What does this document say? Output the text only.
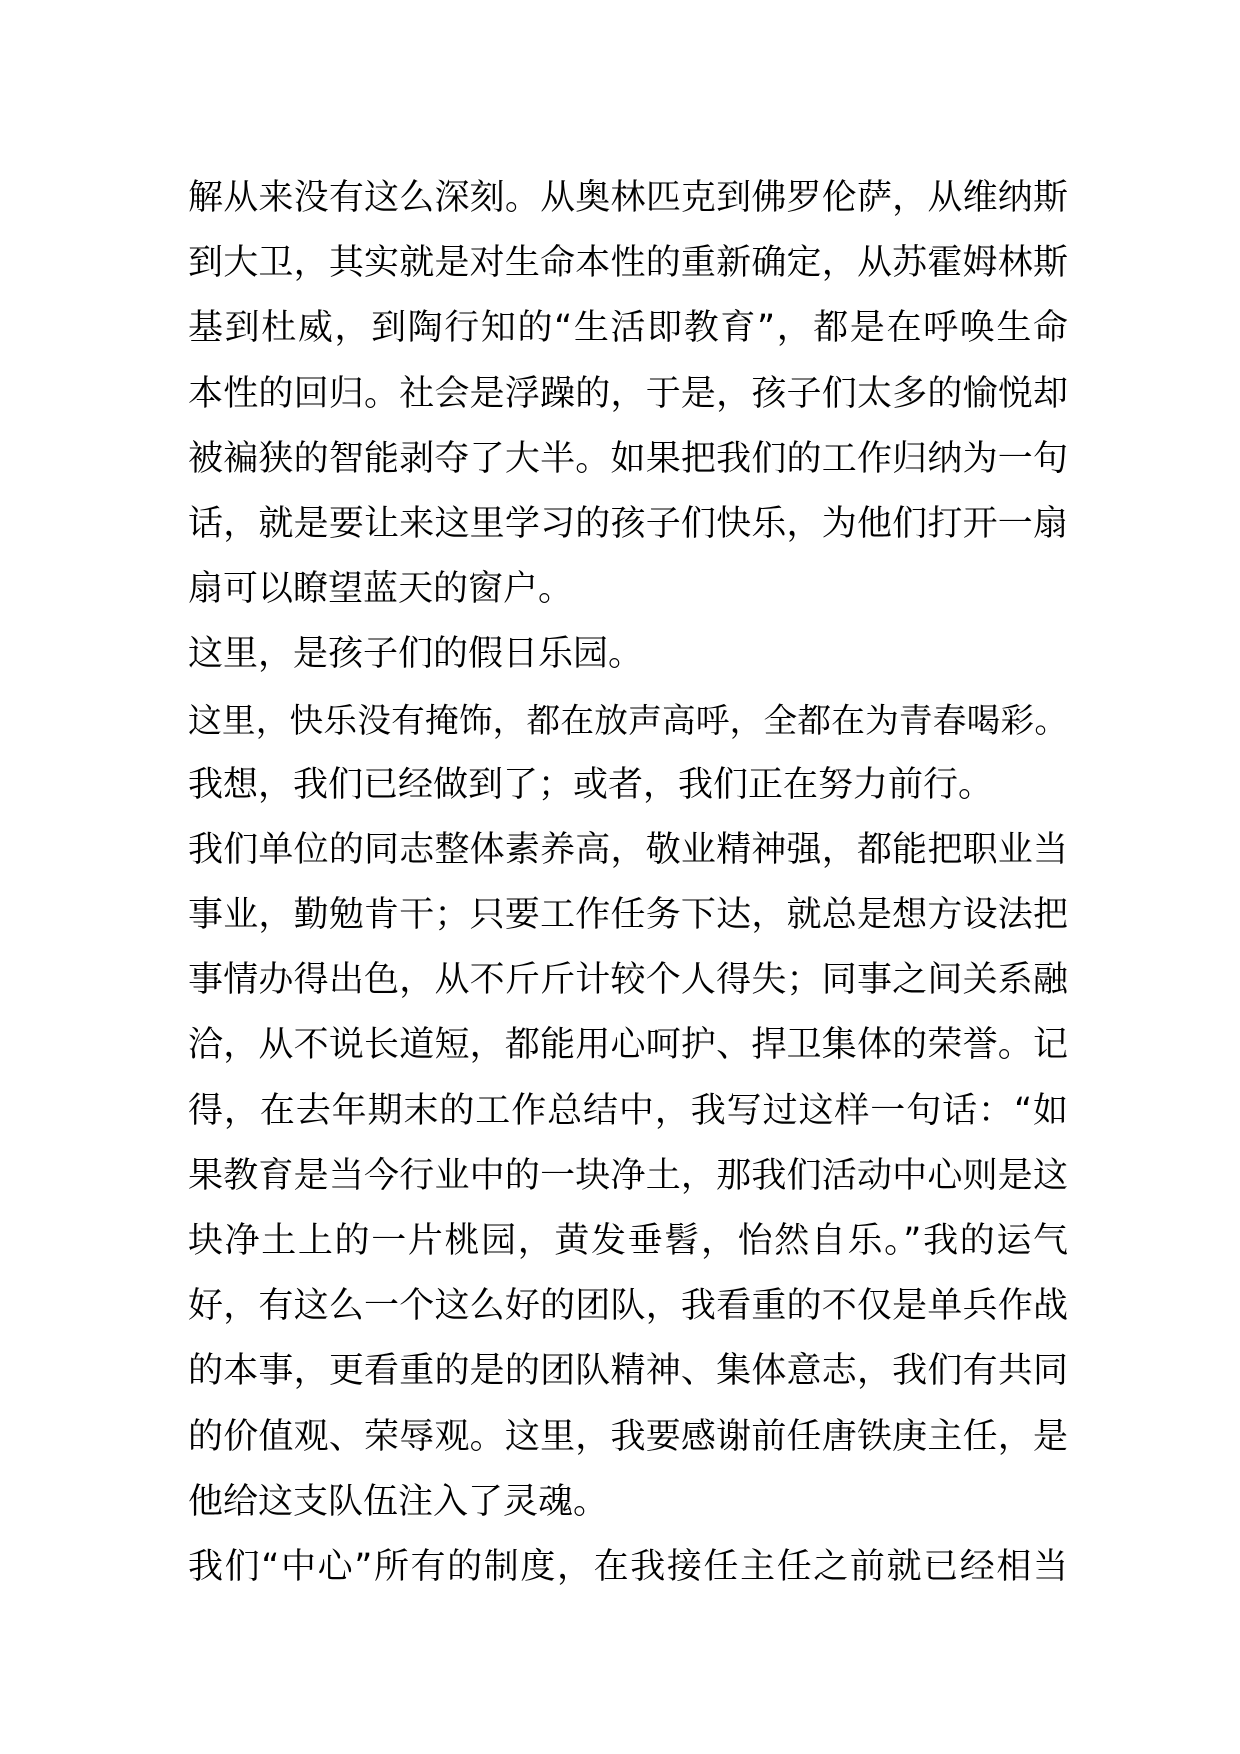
解从来没有这么深刻。从奥林匹克到佛罗伦萨，从维纳斯
到大卫，其实就是对生命本性的重新确定，从苏霍姆林斯
基到杜威，到陶行知的“生活即教育”，都是在呼唤生命
本性的回归。社会是浮躁的，于是，孩子们太多的愉悦却
被褊狭的智能剥夺了大半。如果把我们的工作归纳为一句
话，就是要让来这里学习的孩子们快乐，为他们打开一扇
扇可以瞭望蓝天的窗户。
这里，是孩子们的假日乐园。
这里，快乐没有掩饰，都在放声高呼，全都在为青春喝彩。
我想，我们已经做到了；或者，我们正在努力前行。
我们单位的同志整体素养高，敬业精神强，都能把职业当
事业，勤勉肯干；只要工作任务下达，就总是想方设法把
事情办得出色，从不斤斤计较个人得失；同事之间关系融
洽，从不说长道短，都能用心呵护、捍卫集体的荣誉。记
得，在去年期末的工作总结中，我写过这样一句话：“如
果教育是当今行业中的一块净土，那我们活动中心则是这
块净土上的一片桃园，黄发垂髫，怡然自乐。”我的运气
好，有这么一个这么好的团队，我看重的不仅是单兵作战
的本事，更看重的是的团队精神、集体意志，我们有共同
的价值观、荣辱观。这里，我要感谢前任唐铁庚主任，是
他给这支队伍注入了灵魂。
我们“中心”所有的制度，在我接任主任之前就已经相当
